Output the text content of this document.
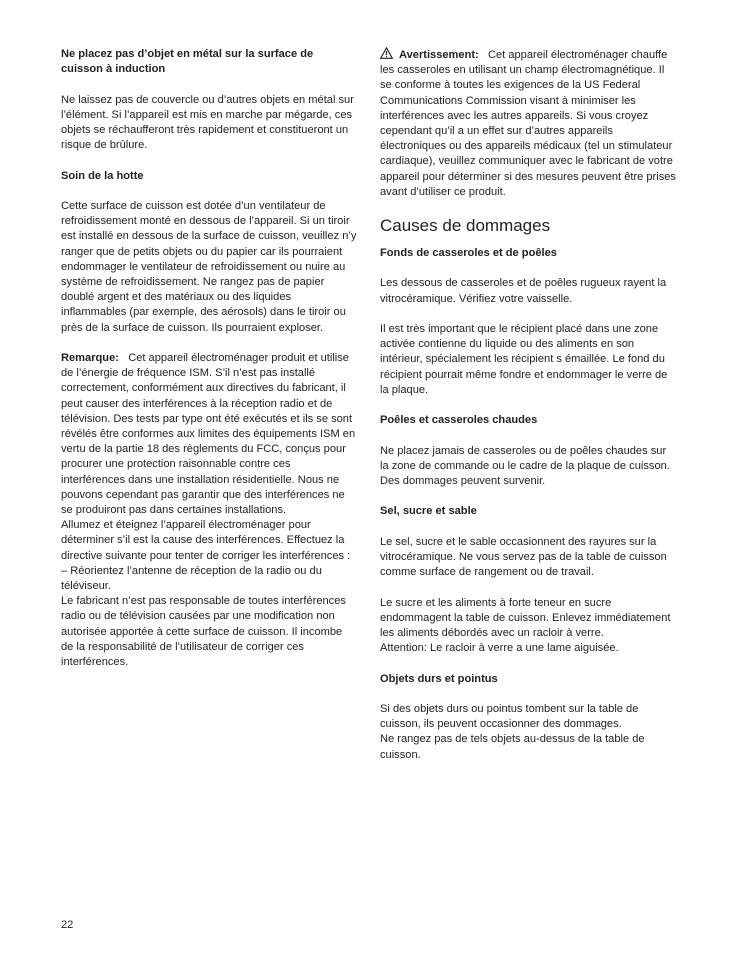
Ne placez pas d’objet en métal sur la surface de cuisson à induction

Ne laissez pas de couvercle ou d’autres objets en métal sur l’élément. Si l’appareil est mis en marche par mégarde, ces objets se réchaufferont très rapidement et constitueront un risque de brûlure.

Soin de la hotte

Cette surface de cuisson est dotée d’un ventilateur de refroidissement monté en dessous de l’appareil. Si un tiroir est installé en dessous de la surface de cuisson, veuillez n’y ranger que de petits objets ou du papier car ils pourraient endommager le ventilateur de refroidissement ou nuire au système de refroidissement. Ne rangez pas de papier doublé argent et des matériaux ou des liquides inflammables (par exemple, des aérosols) dans le tiroir ou près de la surface de cuisson. Ils pourraient exploser.

Remarque: Cet appareil électroménager produit et utilise de l’énergie de fréquence ISM. S’il n’est pas installé correctement, conformément aux directives du fabricant, il peut causer des interférences à la réception radio et de télévision. Des tests par type ont été exécutés et ils se sont révélés être conformes aux limites des équipements ISM en vertu de la partie 18 des règlements du FCC, conçus pour procurer une protection raisonnable contre ces interférences dans une installation résidentielle. Nous ne pouvons cependant pas garantir que des interférences ne se produiront pas dans certaines installations.
Allumez et éteignez l’appareil électroménager pour déterminer s’il est la cause des interférences. Effectuez la directive suivante pour tenter de corriger les interférences :
– Réorientez l’antenne de réception de la radio ou du téléviseur.
Le fabricant n’est pas responsable de toutes interférences radio ou de télévision causées par une modification non autorisée apportée à cette surface de cuisson. Il incombe de la responsabilité de l’utilisateur de corriger ces interférences.

Avertissement: Cet appareil électroménager chauffe les casseroles en utilisant un champ électromagnétique. Il se conforme à toutes les exigences de la US Federal Communications Commission visant à minimiser les interférences avec les autres appareils. Si vous croyez cependant qu’il a un effet sur d’autres appareils électroniques ou des appareils médicaux (tel un stimulateur cardiaque), veuillez communiquer avec le fabricant de votre appareil pour déterminer si des mesures peuvent être prises avant d’utiliser ce produit.

Causes de dommages

Fonds de casseroles et de poêles

Les dessous de casseroles et de poêles rugueux rayent la vitrocéramique. Vérifiez votre vaisselle.

Il est très important que le récipient placé dans une zone activée contienne du liquide ou des aliments en son intérieur, spécialement les récipient s émaillée. Le fond du récipient pourrait même fondre et endommager le verre de la plaque.

Poêles et casseroles chaudes

Ne placez jamais de casseroles ou de poêles chaudes sur la zone de commande ou le cadre de la plaque de cuisson. Des dommages peuvent survenir.

Sel, sucre et sable

Le sel, sucre et le sable occasionnent des rayures sur la vitrocéramique. Ne vous servez pas de la table de cuisson comme surface de rangement ou de travail.

Le sucre et les aliments à forte teneur en sucre endommagent la table de cuisson. Enlevez immédiatement les aliments débordés avec un racloir à verre.
Attention: Le racloir à verre a une lame aiguisée.

Objets durs et pointus

Si des objets durs ou pointus tombent sur la table de cuisson, ils peuvent occasionner des dommages.
Ne rangez pas de tels objets au-dessus de la table de cuisson.

22
